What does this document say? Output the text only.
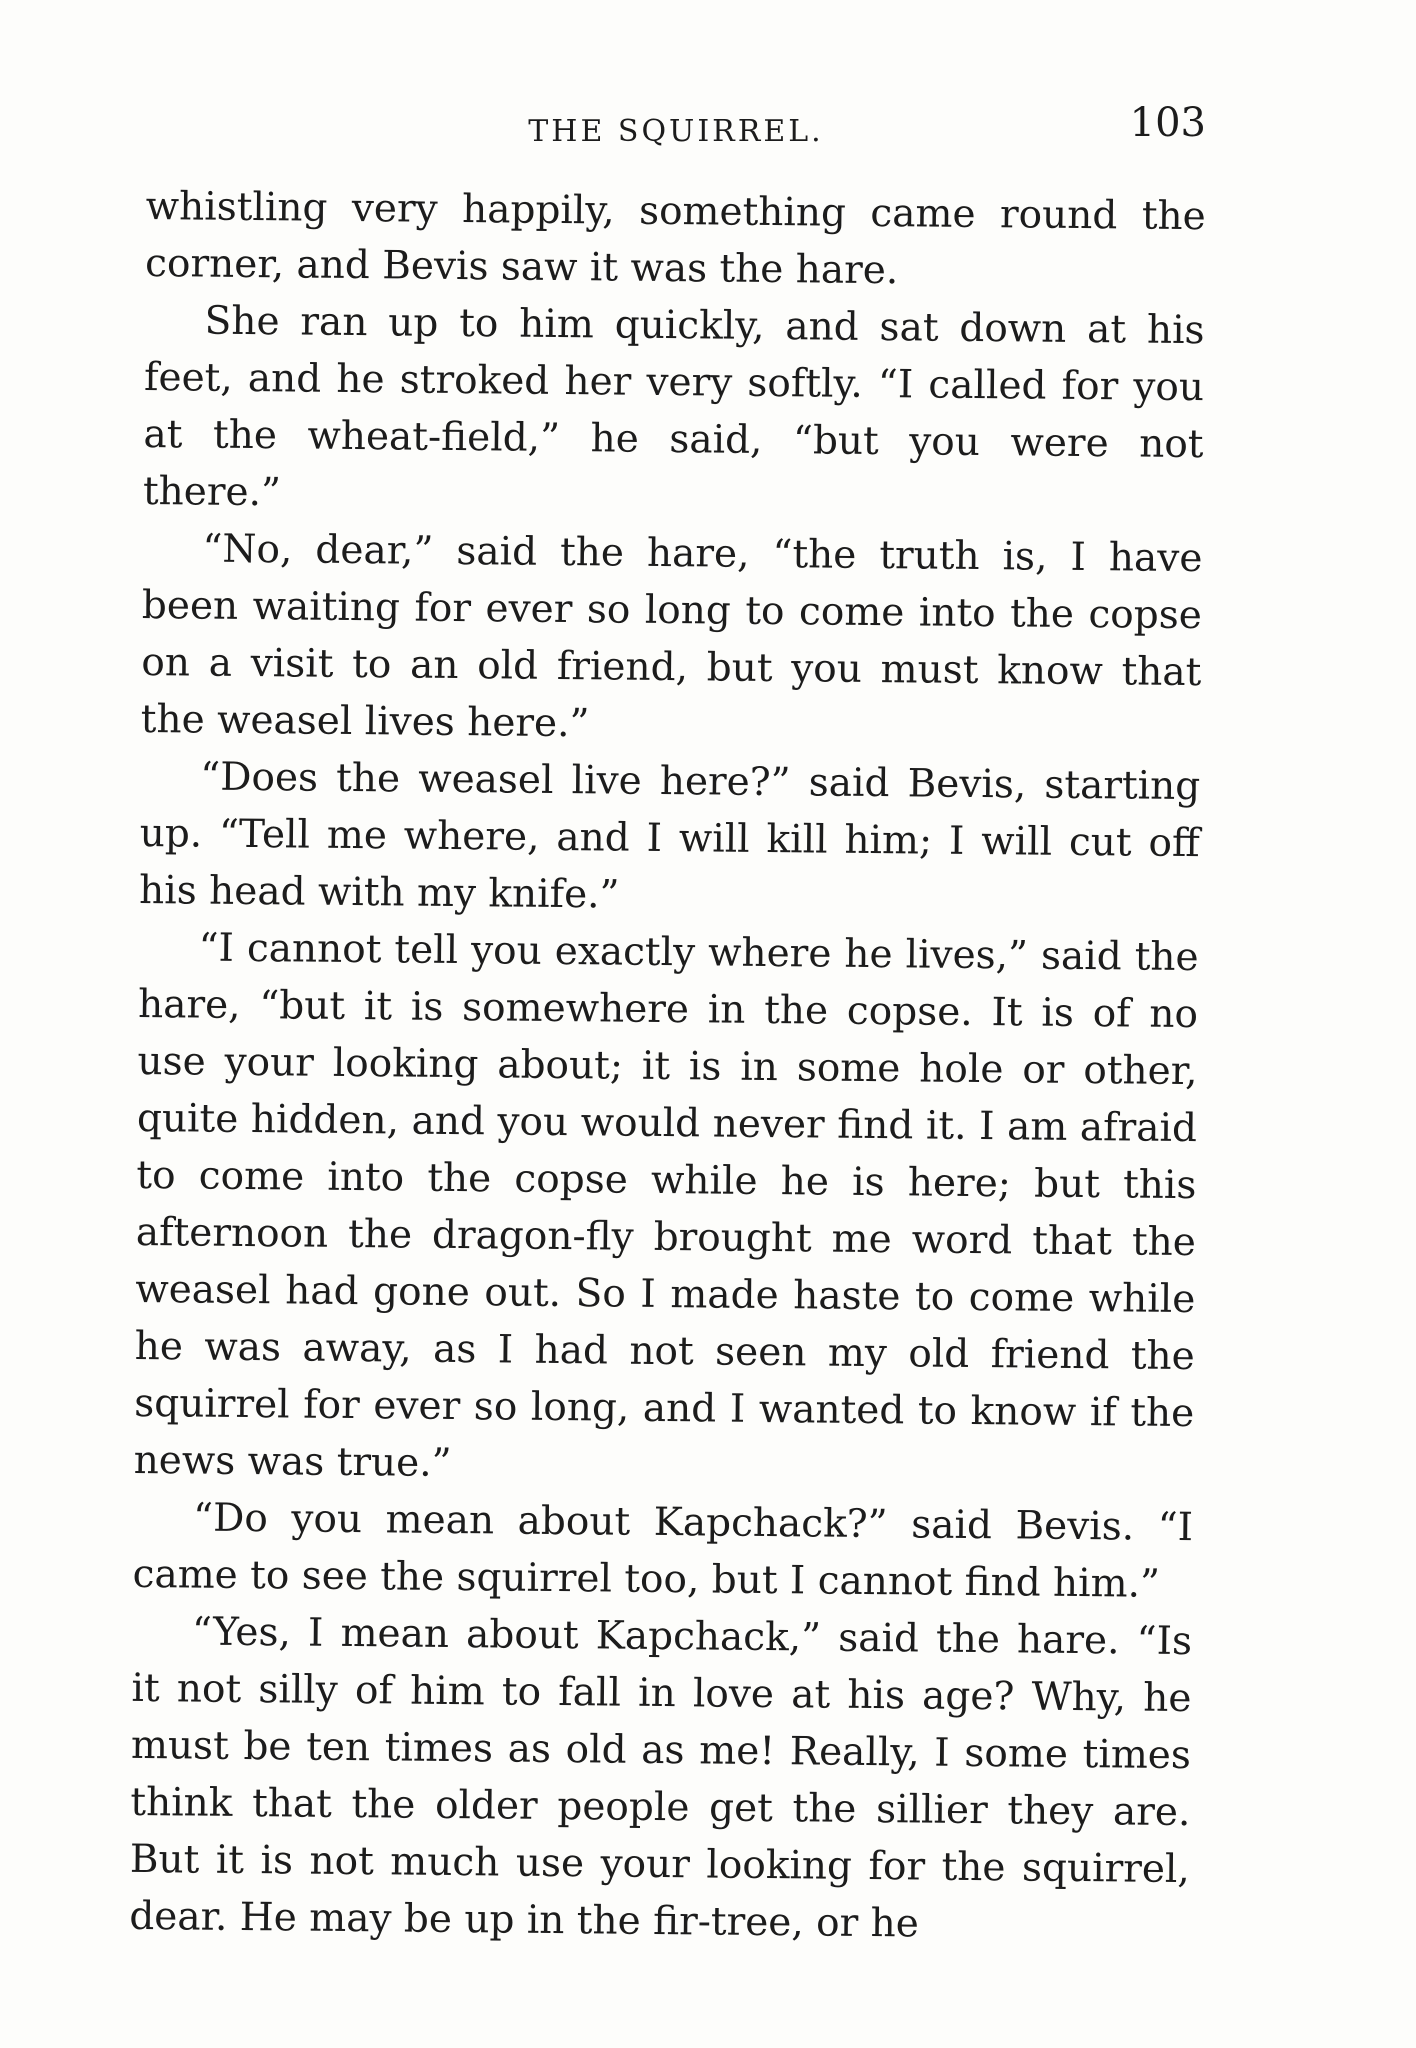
THE SQUIRREL.	103

whistling very happily, something came round the corner, and Bevis saw it was the hare.

She ran up to him quickly, and sat down at his feet, and he stroked her very softly. “I called for you at the wheat-field,” he said, “but you were not there.”

“No, dear,” said the hare, “the truth is, I have been waiting for ever so long to come into the copse on a visit to an old friend, but you must know that the weasel lives here.”

“Does the weasel live here?” said Bevis, starting up. “Tell me where, and I will kill him; I will cut off his head with my knife.”

“I cannot tell you exactly where he lives,” said the hare, “but it is somewhere in the copse. It is of no use your looking about; it is in some hole or other, quite hidden, and you would never find it. I am afraid to come into the copse while he is here; but this afternoon the dragon-fly brought me word that the weasel had gone out. So I made haste to come while he was away, as I had not seen my old friend the squirrel for ever so long, and I wanted to know if the news was true.”

“Do you mean about Kapchack?” said Bevis. “I came to see the squirrel too, but I cannot find him.”

“Yes, I mean about Kapchack,” said the hare. “Is it not silly of him to fall in love at his age? Why, he must be ten times as old as me! Really, I some times think that the older people get the sillier they are. But it is not much use your looking for the squirrel, dear. He may be up in the fir-tree, or he
